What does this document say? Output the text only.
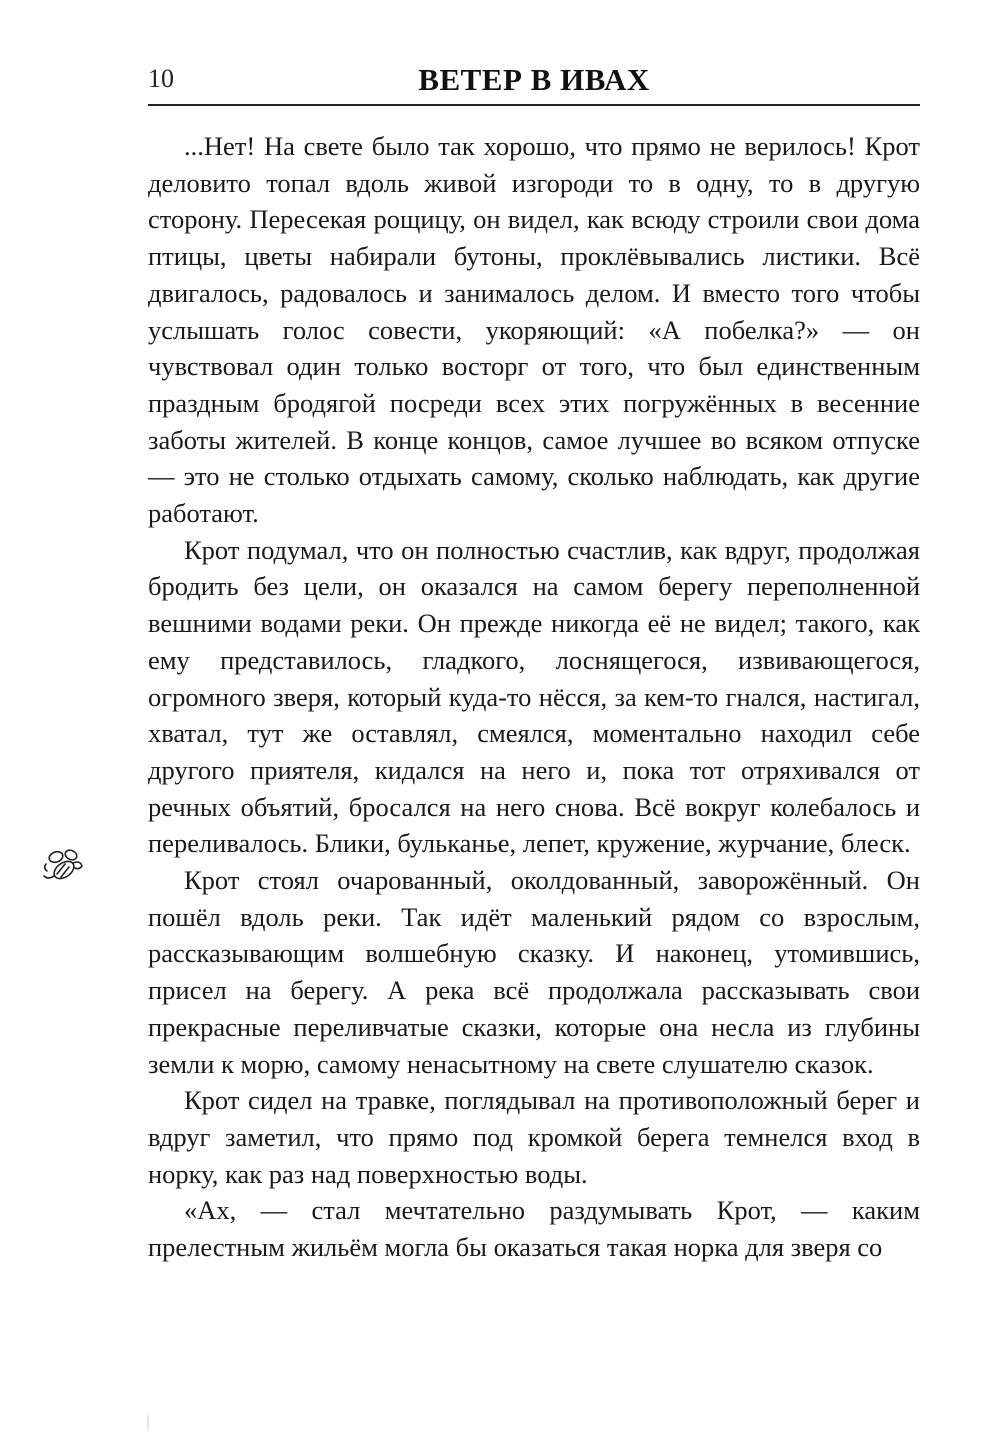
10	ВЕТЕР В ИВАХ

...Нет! На свете было так хорошо, что прямо не верилось! Крот деловито топал вдоль живой изгороди то в одну, то в другую сторону. Пересекая рощицу, он видел, как всюду строили свои дома птицы, цветы набирали бутоны, проклёвывались листики. Всё двигалось, радовалось и занималось делом. И вместо того чтобы услышать голос совести, укоряющий: «А побелка?» — он чувствовал один только восторг от того, что был единственным праздным бродягой посреди всех этих погружённых в весенние заботы жителей. В конце концов, самое лучшее во всяком отпуске — это не столько отдыхать самому, сколько наблюдать, как другие работают.

Крот подумал, что он полностью счастлив, как вдруг, продолжая бродить без цели, он оказался на самом берегу переполненной вешними водами реки. Он прежде никогда её не видел; такого, как ему представилось, гладкого, лоснящегося, извивающегося, огромного зверя, который куда-то нёсся, за кем-то гнался, настигал, хватал, тут же оставлял, смеялся, моментально находил себе другого приятеля, кидался на него и, пока тот отряхивался от речных объятий, бросался на него снова. Всё вокруг колебалось и переливалось. Блики, бульканье, лепет, кружение, журчание, блеск.

Крот стоял очарованный, околдованный, заворожённый. Он пошёл вдоль реки. Так идёт маленький рядом со взрослым, рассказывающим волшебную сказку. И наконец, утомившись, присел на берегу. А река всё продолжала рассказывать свои прекрасные переливчатые сказки, которые она несла из глубины земли к морю, самому ненасытному на свете слушателю сказок.

Крот сидел на травке, поглядывал на противоположный берег и вдруг заметил, что прямо под кромкой берега темнелся вход в норку, как раз над поверхностью воды.

«Ах, — стал мечтательно раздумывать Крот, — каким прелестным жильём могла бы оказаться такая норка для зверя со
